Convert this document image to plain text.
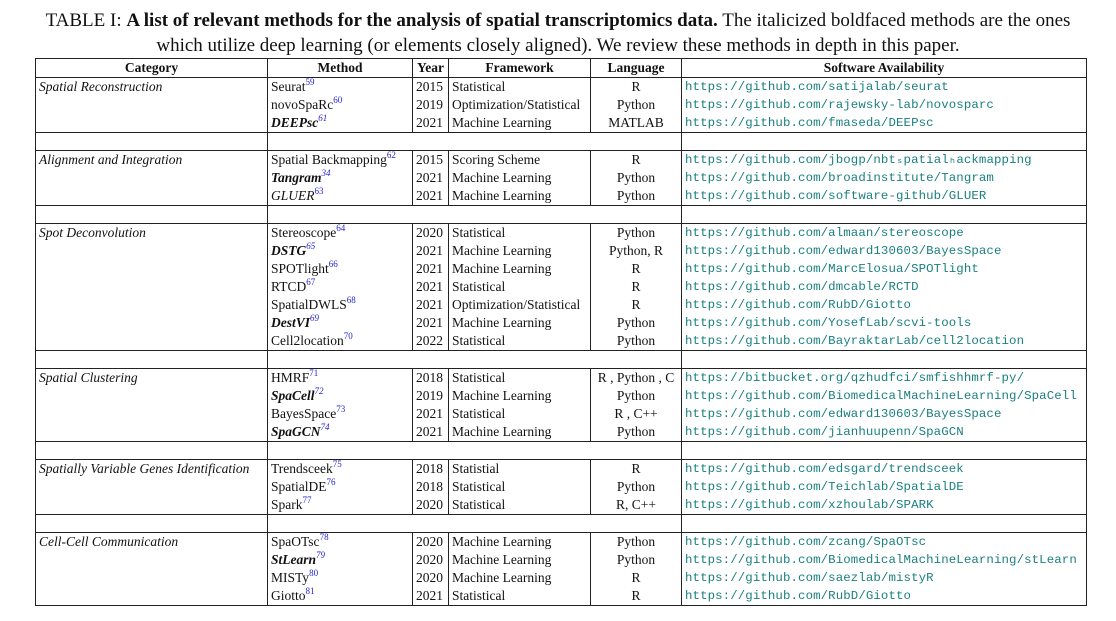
TABLE I: A list of relevant methods for the analysis of spatial transcriptomics data. The italicized boldfaced methods are the ones which utilize deep learning (or elements closely aligned). We review these methods in depth in this paper.
Category	Method	Year	Framework	Language	Software Availability
Spatial Reconstruction	Seurat$^{59}$	2015	Statistical	R	https://github.com/satijalab/seurat
	novoSpaRc$^{60}$	2019	Optimization/Statistical	Python	https://github.com/rajewsky-lab/novosparc
	DEEPsc$^{61}$	2021	Machine Learning	MATLAB	https://github.com/fmaseda/DEEPsc

Alignment and Integration	Spatial Backmapping$^{62}$	2015	Scoring Scheme	R	https://github.com/jbogp/nbtₛpatialₕackmapping
	Tangram$^{34}$	2021	Machine Learning	Python	https://github.com/broadinstitute/Tangram
	GLUER$^{63}$	2021	Machine Learning	Python	https://github.com/software-github/GLUER

Spot Deconvolution	Stereoscope$^{64}$	2020	Statistical	Python	https://github.com/almaan/stereoscope
	DSTG$^{65}$	2021	Machine Learning	Python, R	https://github.com/edward130603/BayesSpace
	SPOTlight$^{66}$	2021	Machine Learning	R	https://github.com/MarcElosua/SPOTlight
	RTCD$^{67}$	2021	Statistical	R	https://github.com/dmcable/RCTD
	SpatialDWLS$^{68}$	2021	Optimization/Statistical	R	https://github.com/RubD/Giotto
	DestVI$^{69}$	2021	Machine Learning	Python	https://github.com/YosefLab/scvi-tools
	Cell2location$^{70}$	2022	Statistical	Python	https://github.com/BayraktarLab/cell2location

Spatial Clustering	HMRF$^{71}$	2018	Statistical	R , Python , C	https://bitbucket.org/qzhudfci/smfishhmrf-py/
	SpaCell$^{72}$	2019	Machine Learning	Python	https://github.com/BiomedicalMachineLearning/SpaCell
	BayesSpace$^{73}$	2021	Statistical	R , C++	https://github.com/edward130603/BayesSpace
	SpaGCN$^{74}$	2021	Machine Learning	Python	https://github.com/jianhuupenn/SpaGCN

Spatially Variable Genes Identification	Trendsceek$^{75}$	2018	Statistial	R	https://github.com/edsgard/trendsceek
	SpatialDE$^{76}$	2018	Statistical	Python	https://github.com/Teichlab/SpatialDE
	Spark$^{77}$	2020	Statistical	R, C++	https://github.com/xzhoulab/SPARK

Cell-Cell Communication	SpaOTsc$^{78}$	2020	Machine Learning	Python	https://github.com/zcang/SpaOTsc
	StLearn$^{79}$	2020	Machine Learning	Python	https://github.com/BiomedicalMachineLearning/stLearn
	MISTy$^{80}$	2020	Machine Learning	R	https://github.com/saezlab/mistyR
	Giotto$^{81}$	2021	Statistical	R	https://github.com/RubD/Giotto
